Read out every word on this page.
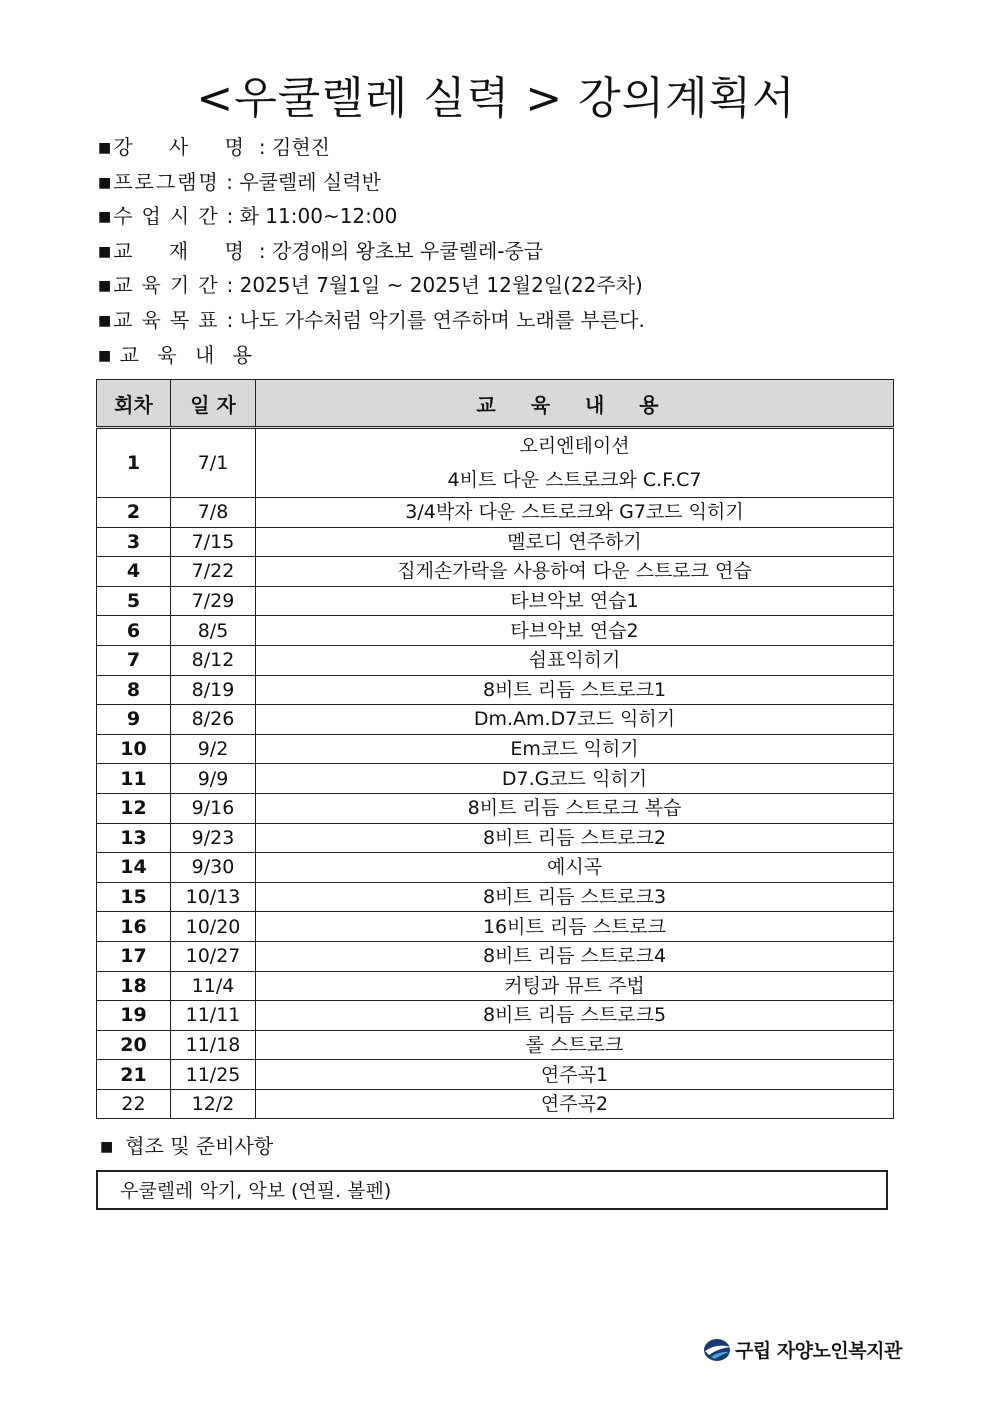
<우쿨렐레 실력 > 강의계획서
■ 강 사 명: 김현진
■ 프로그램명 : 우쿨렐레 실력반
■ 수업시간: 화 11:00~12:00
■ 교 재 명: 강경애의 왕초보 우쿨렐레-중급
■ 교육기간: 2025년 7월1일 ~ 2025년 12월2일(22주차)
■ 교육목표: 나도 가수처럼 악기를 연주하며 노래를 부른다.
■ 교 육 내 용
회차	일 자	교 육 내 용
1	7/1	오리엔테이션
4비트 다운 스트로크와 C.F.C7

2	7/8	3/4박자 다운 스트로크와 G7코드 익히기

3	7/15	멜로디 연주하기

4	7/22	집게손가락을 사용하여 다운 스트로크 연습

5	7/29	타브악보 연습1

6	8/5	타브악보 연습2

7	8/12	쉼표익히기

8	8/19	8비트 리듬 스트로크1

9	8/26	Dm.Am.D7코드 익히기

10	9/2	Em코드 익히기

11	9/9	D7.G코드 익히기

12	9/16	8비트 리듬 스트로크 복습

13	9/23	8비트 리듬 스트로크2

14	9/30	예시곡

15	10/13	8비트 리듬 스트로크3

16	10/20	16비트 리듬 스트로크

17	10/27	8비트 리듬 스트로크4

18	11/4	커팅과 뮤트 주법

19	11/11	8비트 리듬 스트로크5

20	11/18	롤 스트로크

21	11/25	연주곡1

22	12/2	연주곡2
■ 협조 및 준비사항
우쿨렐레 악기, 악보 (연필. 볼펜)
구립 자양노인복지관
